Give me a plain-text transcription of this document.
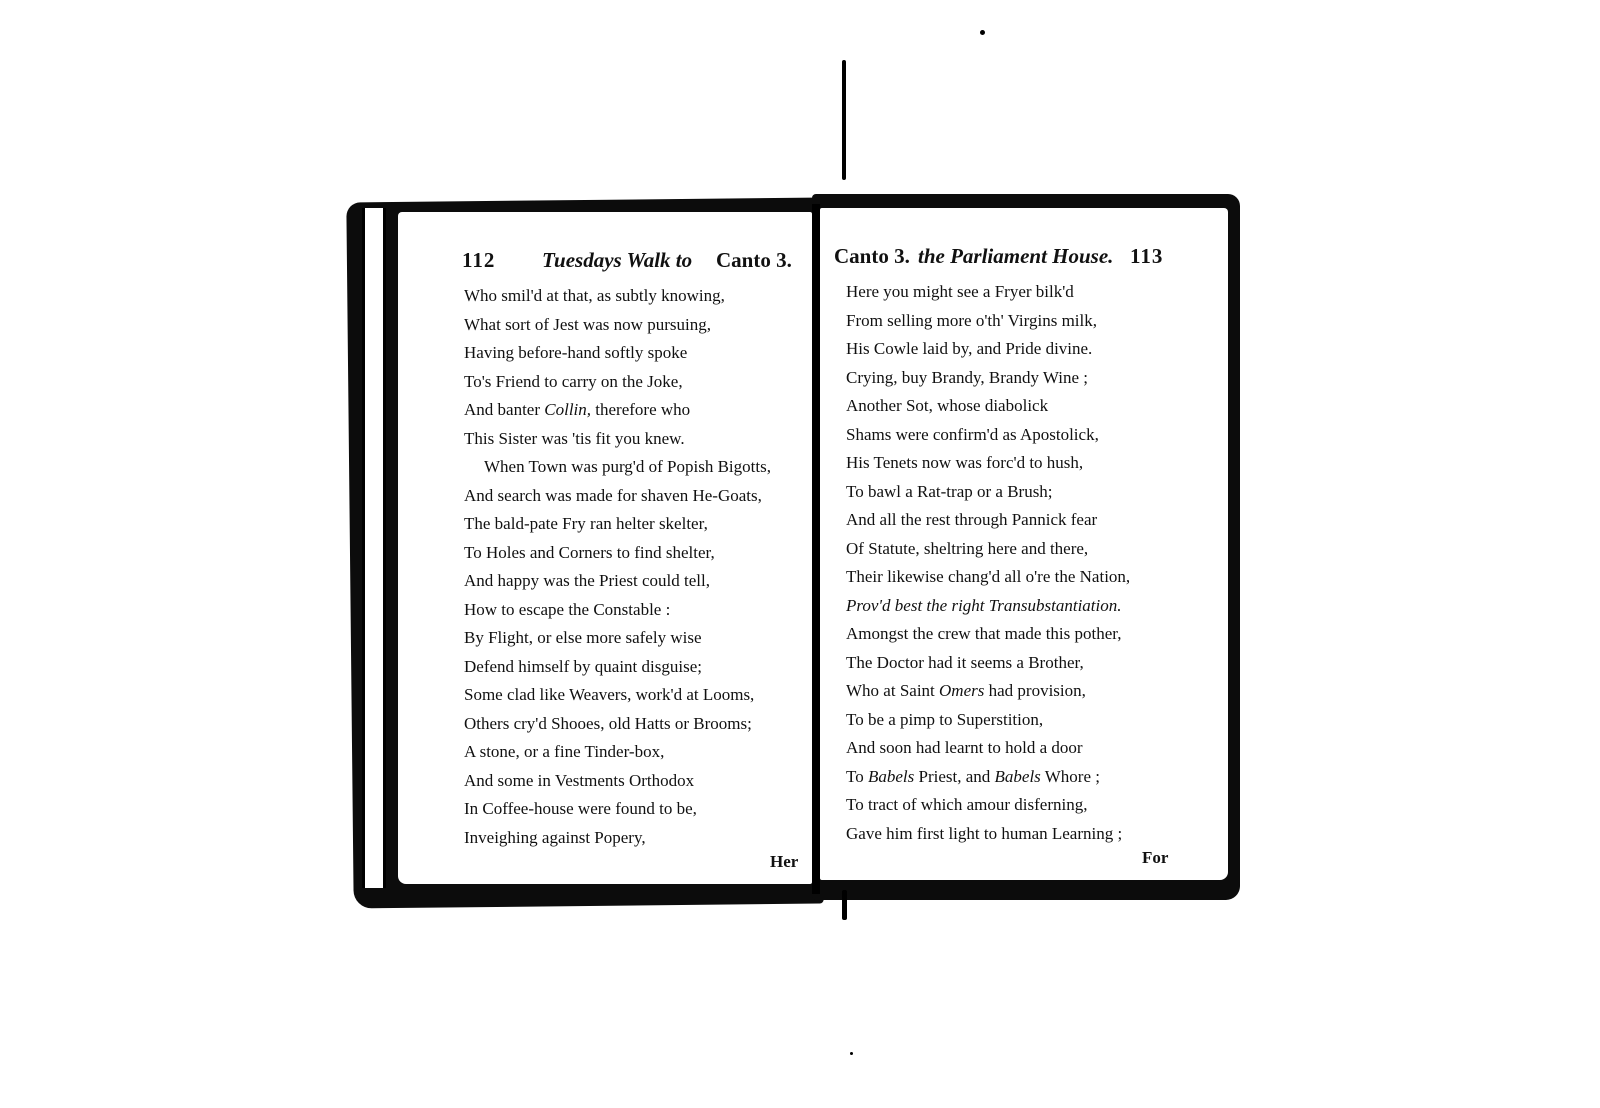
112 Tuesdays Walk to Canto 3.
Who smil'd at that, as subtly knowing,
What sort of Jest was now pursuing,
Having before-hand softly spoke
To's Friend to carry on the Joke,
And banter Collin, therefore who
This Sister was 'tis fit you knew.
When Town was purg'd of Popish Bigotts,
And search was made for shaven He-Goats,
The bald-pate Fry ran helter skelter,
To Holes and Corners to find shelter,
And happy was the Priest could tell,
How to escape the Constable :
By Flight, or else more safely wise
Defend himself by quaint disguise;
Some clad like Weavers, work'd at Looms,
Others cry'd Shooes, old Hatts or Brooms;
A stone, or a fine Tinder-box,
And some in Vestments Orthodox
In Coffee-house were found to be,
Inveighing against Popery,
Her
Canto 3. the Parliament House. 113
Here you might see a Fryer bilk'd
From selling more o'th' Virgins milk,
His Cowle laid by, and Pride divine.
Crying, buy Brandy, Brandy Wine ;
Another Sot, whose diabolick
Shams were confirm'd as Apostolick,
His Tenets now was forc'd to hush,
To bawl a Rat-trap or a Brush;
And all the rest through Pannick fear
Of Statute, sheltring here and there,
Their likewise chang'd all o're the Nation,
Prov'd best the right Transubstantiation.
Amongst the crew that made this pother,
The Doctor had it seems a Brother,
Who at Saint Omers had provision,
To be a pimp to Superstition,
And soon had learnt to hold a door
To Babels Priest, and Babels Whore ;
To tract of which amour disferning,
Gave him first light to human Learning ;
For
